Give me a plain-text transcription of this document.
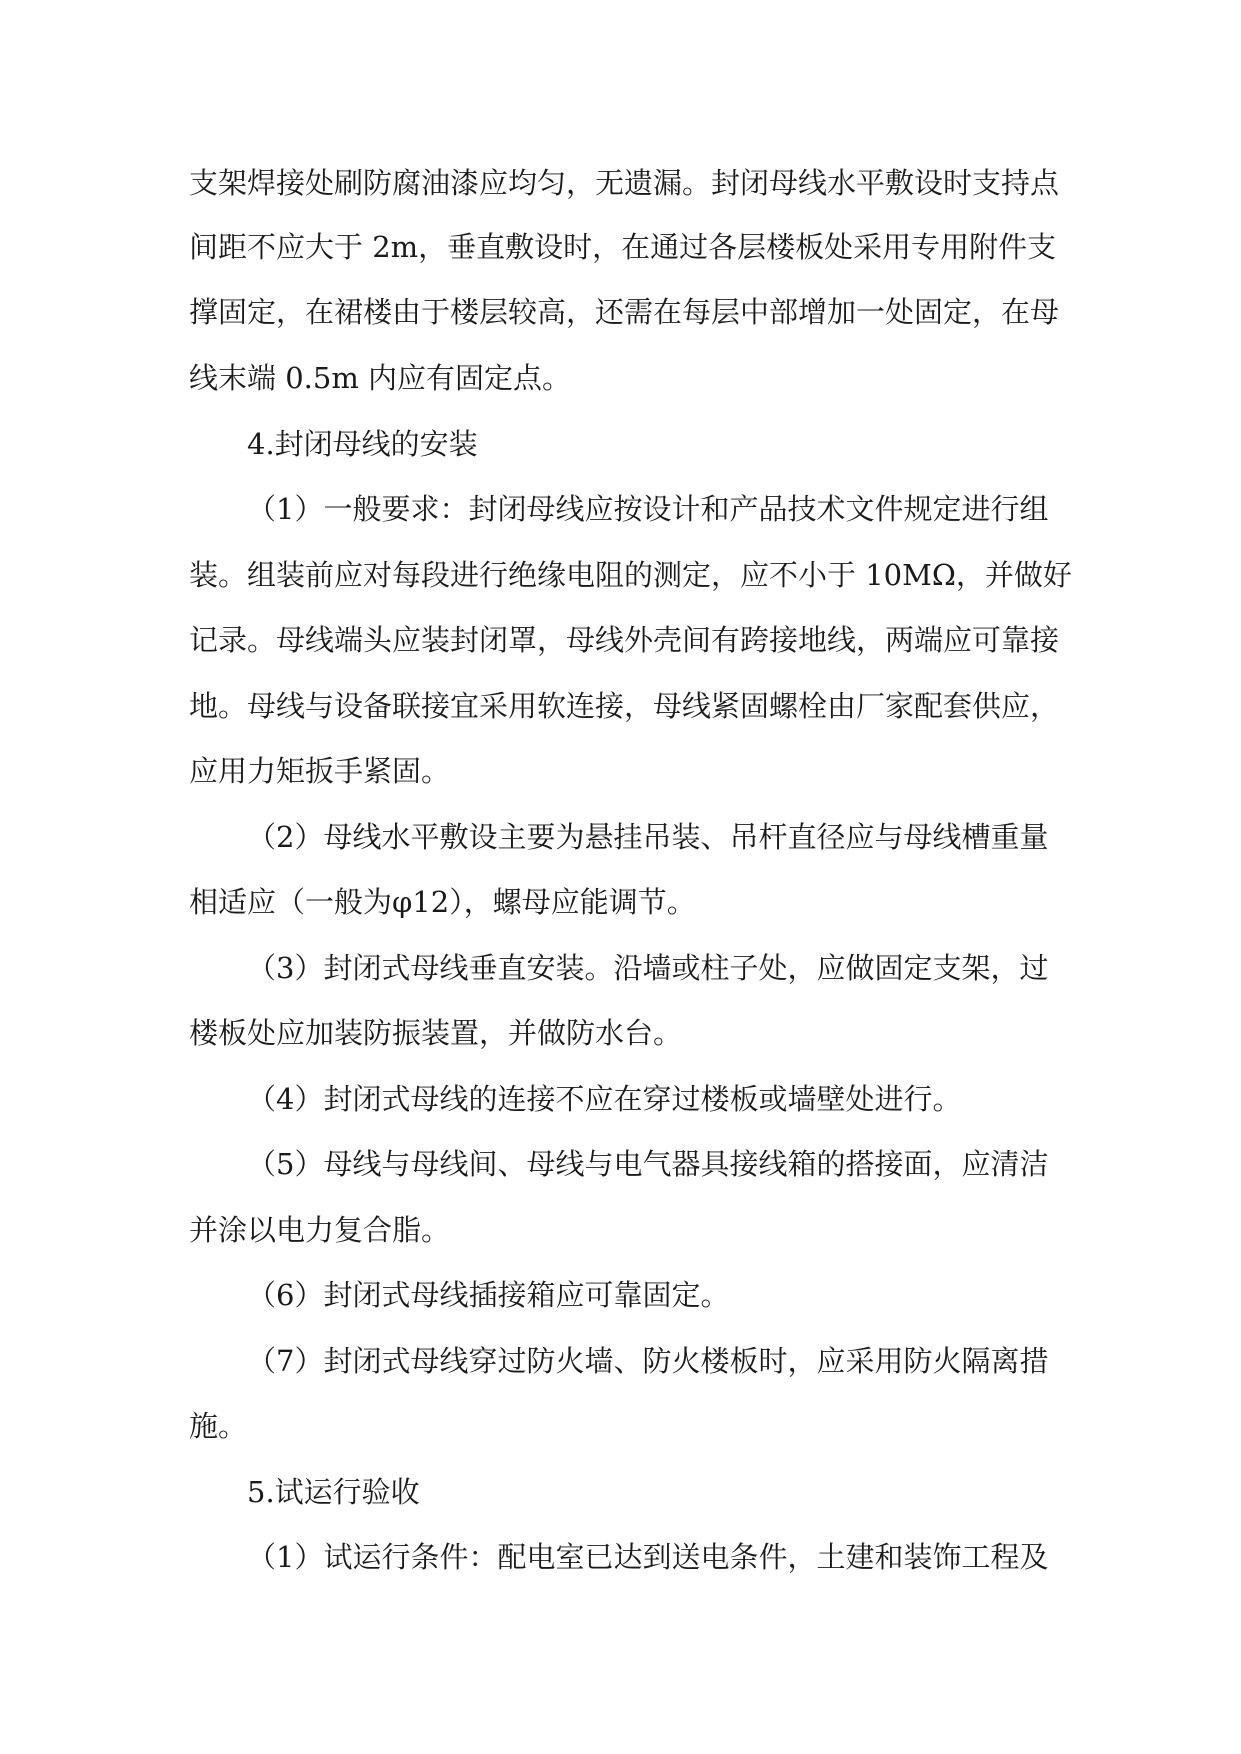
支架焊接处刷防腐油漆应均匀，无遗漏。封闭母线水平敷设时支持点
间距不应大于 2m，垂直敷设时，在通过各层楼板处采用专用附件支
撑固定，在裙楼由于楼层较高，还需在每层中部增加一处固定，在母
线末端 0.5m 内应有固定点。
4.封闭母线的安装
（1）一般要求：封闭母线应按设计和产品技术文件规定进行组
装。组装前应对每段进行绝缘电阻的测定，应不小于 10MΩ，并做好
记录。母线端头应装封闭罩，母线外壳间有跨接地线，两端应可靠接
地。母线与设备联接宜采用软连接，母线紧固螺栓由厂家配套供应，
应用力矩扳手紧固。
（2）母线水平敷设主要为悬挂吊装、吊杆直径应与母线槽重量
相适应（一般为φ12），螺母应能调节。
（3）封闭式母线垂直安装。沿墙或柱子处，应做固定支架，过
楼板处应加装防振装置，并做防水台。
（4）封闭式母线的连接不应在穿过楼板或墙壁处进行。
（5）母线与母线间、母线与电气器具接线箱的搭接面，应清洁
并涂以电力复合脂。
（6）封闭式母线插接箱应可靠固定。
（7）封闭式母线穿过防火墙、防火楼板时，应采用防火隔离措
施。
5.试运行验收
（1）试运行条件：配电室已达到送电条件，土建和装饰工程及
